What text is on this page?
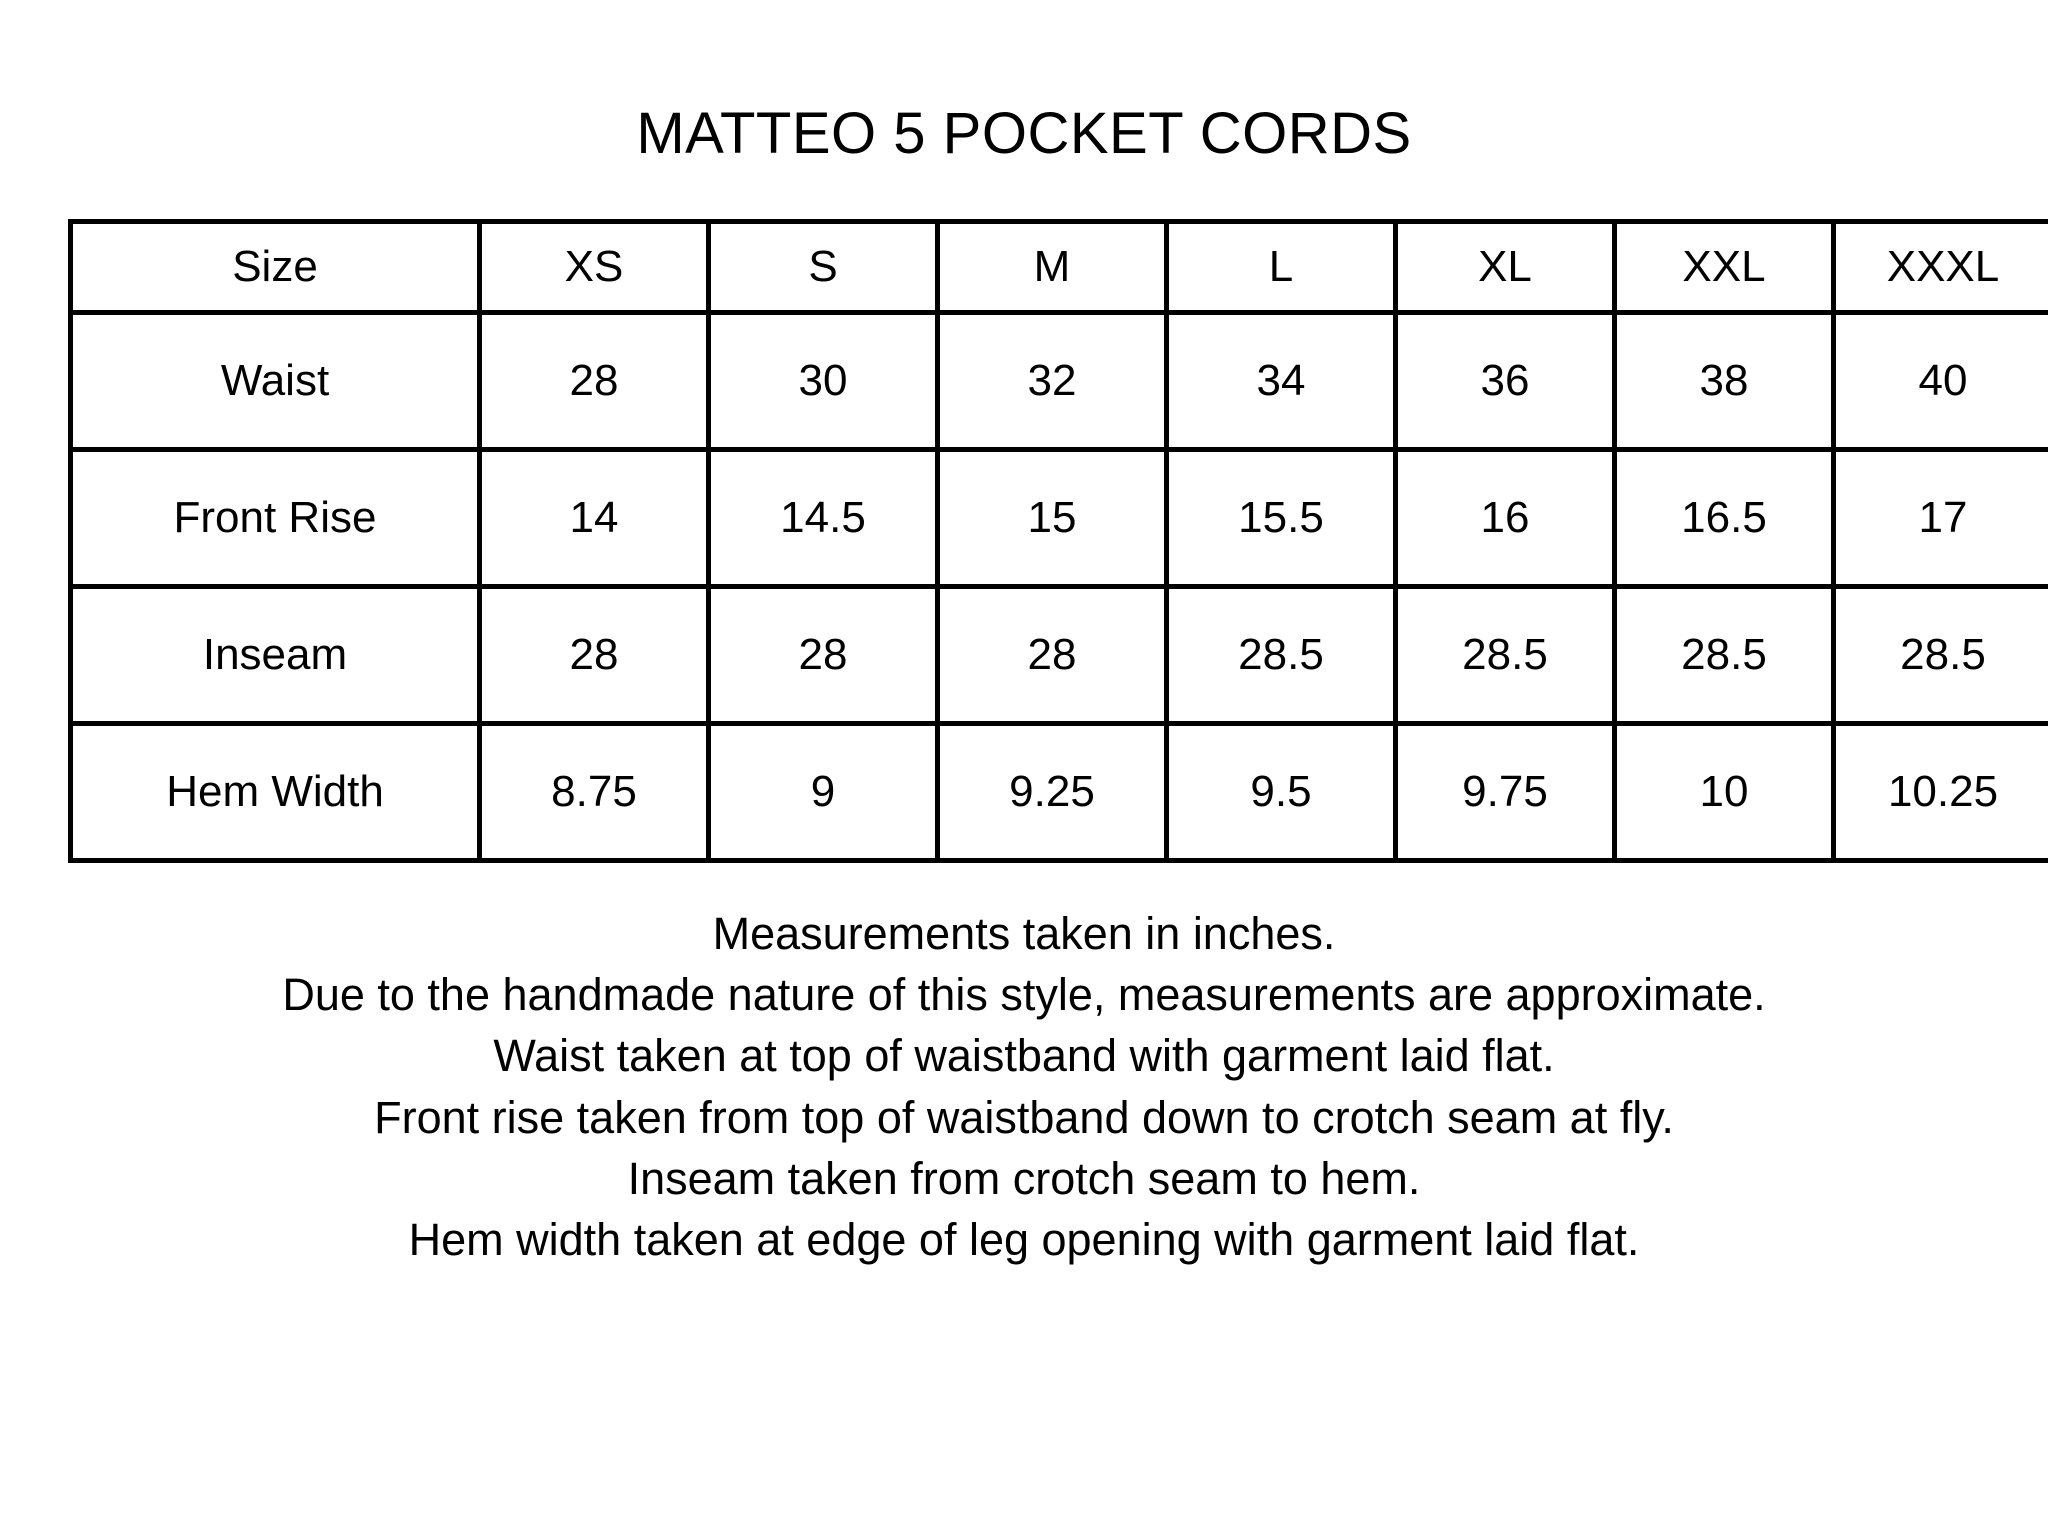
MATTEO 5 POCKET CORDS
Size	XS	S	M	L	XL	XXL	XXXL
Waist	28	30	32	34	36	38	40
Front Rise	14	14.5	15	15.5	16	16.5	17
Inseam	28	28	28	28.5	28.5	28.5	28.5
Hem Width	8.75	9	9.25	9.5	9.75	10	10.25
Measurements taken in inches.
Due to the handmade nature of this style, measurements are approximate.
Waist taken at top of waistband with garment laid flat.
Front rise taken from top of waistband down to crotch seam at fly.
Inseam taken from crotch seam to hem.
Hem width taken at edge of leg opening with garment laid flat.
